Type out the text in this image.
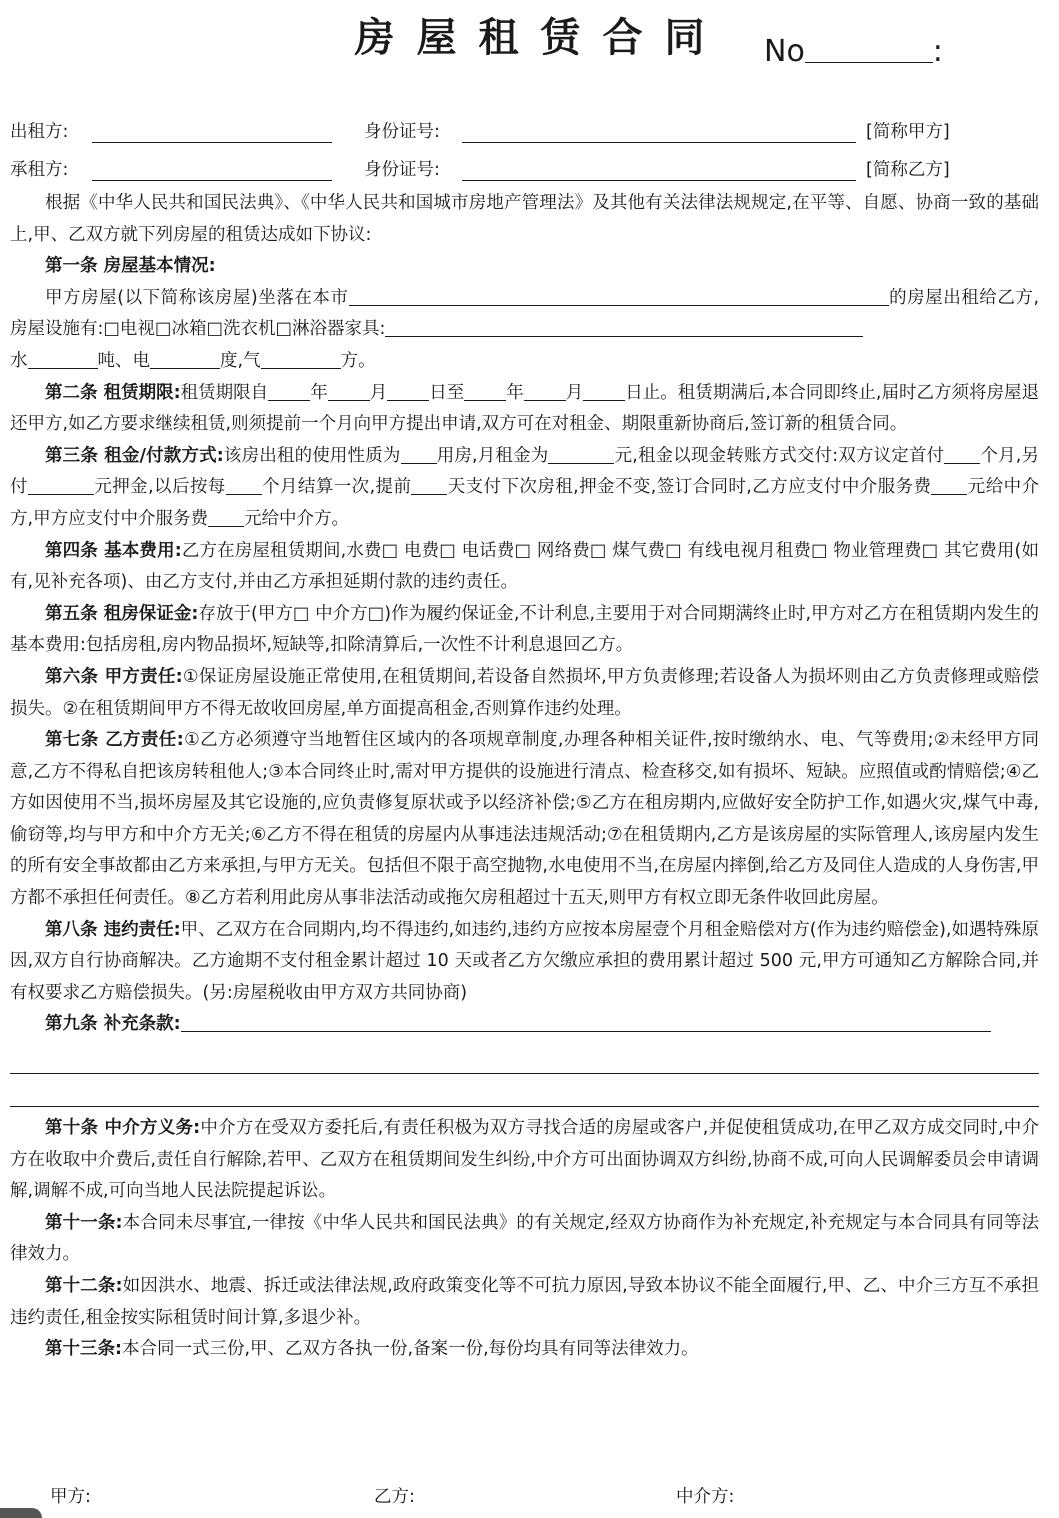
房屋租赁合同	No	:
出租方:	身份证号:	[简称甲方]
承租方:	身份证号:	[简称乙方]

根据《中华人民共和国民法典》、《中华人民共和国城市房地产管理法》及其他有关法律法规规定,在平等、自愿、协商一致的基础上,甲、乙双方就下列房屋的租赁达成如下协议:

第一条 房屋基本情况:

甲方房屋(以下简称该房屋)坐落在本市	的房屋出租给乙方,房屋设施有:□电视□冰箱□洗衣机□淋浴器家具:

水	吨、电	度,气	方。

第二条 租赁期限:租赁期限自 年 月 日至 年 月 日止。租赁期满后,本合同即终止,届时乙方须将房屋退还甲方,如乙方要求继续租赁,则须提前一个月向甲方提出申请,双方可在对租金、期限重新协商后,签订新的租赁合同。

第三条 租金/付款方式:该房出租的使用性质为 用房,月租金为	元,租金以现金转账方式交付:双方议定首付 个月,另付	元押金,以后按每 个月结算一次,提前 天支付下次房租,押金不变,签订合同时,乙方应支付中介服务费 元给中介方,甲方应支付中介服务费 元给中介方。

第四条 基本费用:乙方在房屋租赁期间,水费□ 电费□ 电话费□ 网络费□ 煤气费□ 有线电视月租费□ 物业管理费□ 其它费用(如有,见补充各项)、由乙方支付,并由乙方承担延期付款的违约责任。

第五条 租房保证金:存放于(甲方□ 中介方□)作为履约保证金,不计利息,主要用于对合同期满终止时,甲方对乙方在租赁期内发生的基本费用:包括房租,房内物品损坏,短缺等,扣除清算后,一次性不计利息退回乙方。

第六条 甲方责任:①保证房屋设施正常使用,在租赁期间,若设备自然损坏,甲方负责修理;若设备人为损坏则由乙方负责修理或赔偿损失。②在租赁期间甲方不得无故收回房屋,单方面提高租金,否则算作违约处理。

第七条 乙方责任:①乙方必须遵守当地暂住区域内的各项规章制度,办理各种相关证件,按时缴纳水、电、气等费用;②未经甲方同意,乙方不得私自把该房转租他人;③本合同终止时,需对甲方提供的设施进行清点、检查移交,如有损坏、短缺。应照值或酌情赔偿;④乙方如因使用不当,损坏房屋及其它设施的,应负责修复原状或予以经济补偿;⑤乙方在租房期内,应做好安全防护工作,如遇火灾,煤气中毒,偷窃等,均与甲方和中介方无关;⑥乙方不得在租赁的房屋内从事违法违规活动;⑦在租赁期内,乙方是该房屋的实际管理人,该房屋内发生的所有安全事故都由乙方来承担,与甲方无关。包括但不限于高空抛物,水电使用不当,在房屋内摔倒,给乙方及同住人造成的人身伤害,甲方都不承担任何责任。⑧乙方若利用此房从事非法活动或拖欠房租超过十五天,则甲方有权立即无条件收回此房屋。

第八条 违约责任:甲、乙双方在合同期内,均不得违约,如违约,违约方应按本房屋壹个月租金赔偿对方(作为违约赔偿金),如遇特殊原因,双方自行协商解决。乙方逾期不支付租金累计超过 10 天或者乙方欠缴应承担的费用累计超过 500 元,甲方可通知乙方解除合同,并有权要求乙方赔偿损失。(另:房屋税收由甲方双方共同协商)

第九条 补充条款:

第十条 中介方义务:中介方在受双方委托后,有责任积极为双方寻找合适的房屋或客户,并促使租赁成功,在甲乙双方成交同时,中介方在收取中介费后,责任自行解除,若甲、乙双方在租赁期间发生纠纷,中介方可出面协调双方纠纷,协商不成,可向人民调解委员会申请调解,调解不成,可向当地人民法院提起诉讼。

第十一条:本合同未尽事宜,一律按《中华人民共和国民法典》的有关规定,经双方协商作为补充规定,补充规定与本合同具有同等法律效力。

第十二条:如因洪水、地震、拆迁或法律法规,政府政策变化等不可抗力原因,导致本协议不能全面履行,甲、乙、中介三方互不承担违约责任,租金按实际租赁时间计算,多退少补。

第十三条:本合同一式三份,甲、乙双方各执一份,备案一份,每份均具有同等法律效力。

甲方:	乙方:	中介方:
